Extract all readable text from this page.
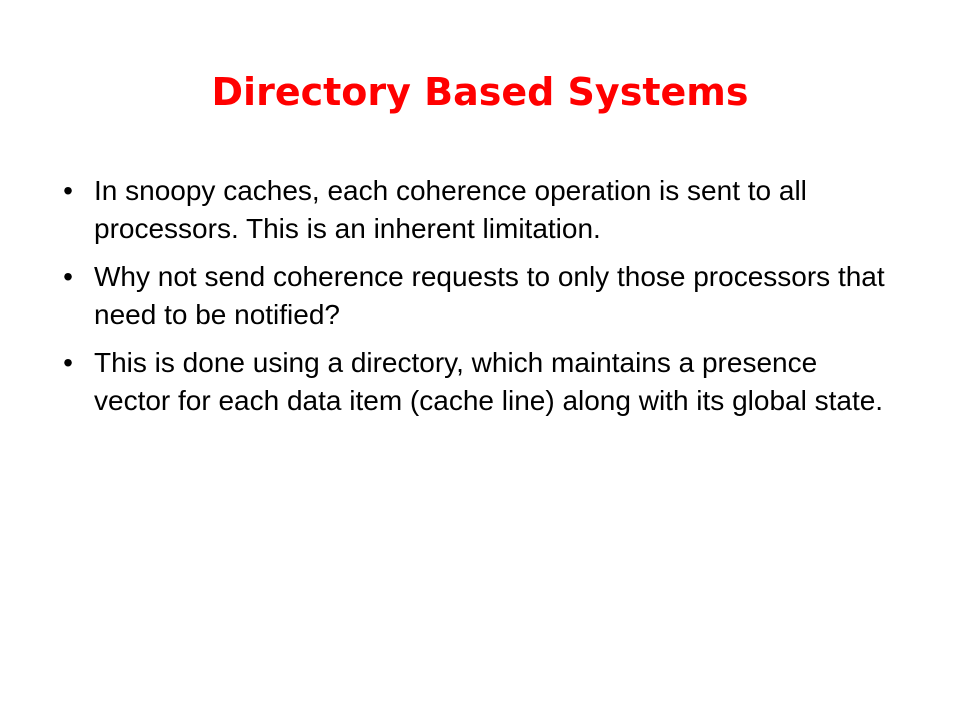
Directory Based Systems
• In snoopy caches, each coherence operation is sent to all processors. This is an inherent limitation.
• Why not send coherence requests to only those processors that need to be notified?
• This is done using a directory, which maintains a presence vector for each data item (cache line) along with its global state.
